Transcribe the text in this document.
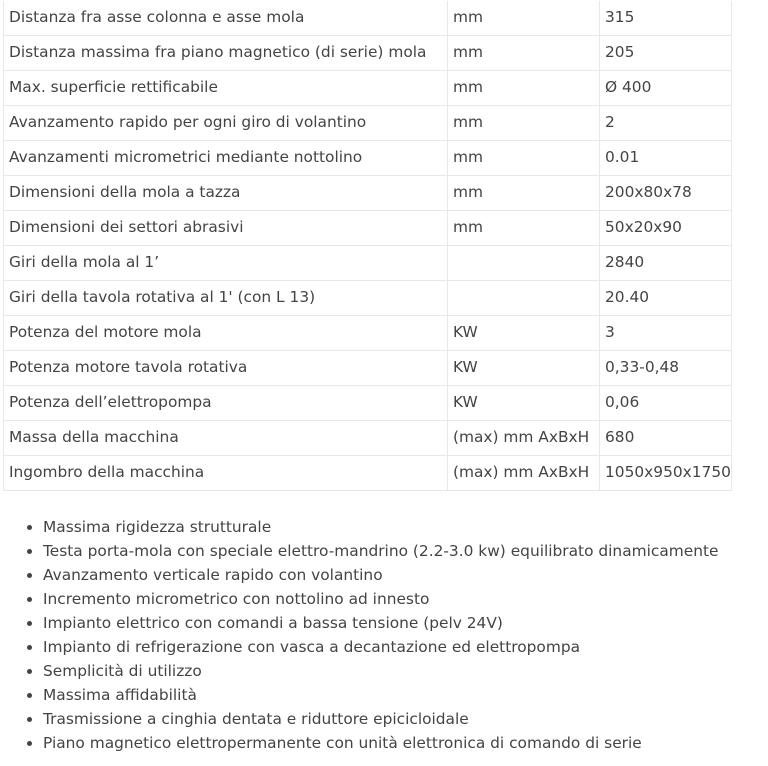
Distanza fra asse colonna e asse mola	mm	315
Distanza massima fra piano magnetico (di serie) mola	mm	205
Max. superficie rettificabile	mm	Ø 400
Avanzamento rapido per ogni giro di volantino	mm	2
Avanzamenti micrometrici mediante nottolino	mm	0.01
Dimensioni della mola a tazza	mm	200x80x78
Dimensioni dei settori abrasivi	mm	50x20x90
Giri della mola al 1’		2840
Giri della tavola rotativa al 1' (con L 13)		20.40
Potenza del motore mola	KW	3
Potenza motore tavola rotativa	KW	0,33-0,48
Potenza dell’elettropompa	KW	0,06
Massa della macchina	(max) mm AxBxH	680
Ingombro della macchina	(max) mm AxBxH	1050x950x1750
• Massima rigidezza strutturale
• Testa porta-mola con speciale elettro-mandrino (2.2-3.0 kw) equilibrato dinamicamente
• Avanzamento verticale rapido con volantino
• Incremento micrometrico con nottolino ad innesto
• Impianto elettrico con comandi a bassa tensione (pelv 24V)
• Impianto di refrigerazione con vasca a decantazione ed elettropompa
• Semplicità di utilizzo
• Massima affidabilità
• Trasmissione a cinghia dentata e riduttore epicicloidale
• Piano magnetico elettropermanente con unità elettronica di comando di serie
